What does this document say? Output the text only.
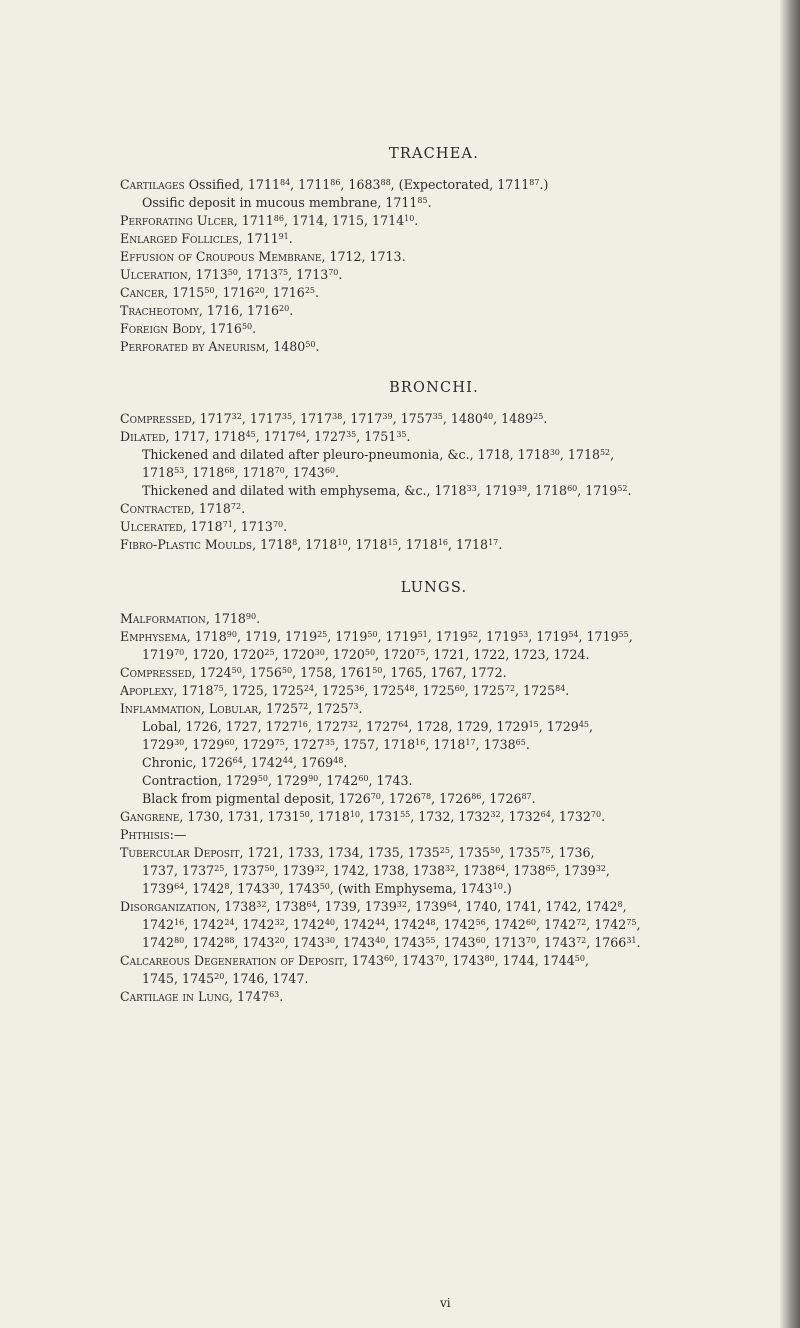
TRACHEA.
Cartilages Ossified, 1711$^{84}$, 1711$^{86}$, 1683$^{88}$, (Expectorated, 1711$^{87}$.)
Ossific deposit in mucous membrane, 1711$^{85}$.
Perforating Ulcer, 1711$^{86}$, 1714, 1715, 1714$^{10}$.
Enlarged Follicles, 1711$^{91}$.
Effusion of Croupous Membrane, 1712, 1713.
Ulceration, 1713$^{50}$, 1713$^{75}$, 1713$^{70}$.
Cancer, 1715$^{50}$, 1716$^{20}$, 1716$^{25}$.
Tracheotomy, 1716, 1716$^{20}$.
Foreign Body, 1716$^{50}$.
Perforated by Aneurism, 1480$^{50}$.
BRONCHI.
Compressed, 1717$^{32}$, 1717$^{35}$, 1717$^{38}$, 1717$^{39}$, 1757$^{35}$, 1480$^{40}$, 1489$^{25}$.
Dilated, 1717, 1718$^{45}$, 1717$^{64}$, 1727$^{35}$, 1751$^{35}$.
Thickened and dilated after pleuro-pneumonia, &c., 1718, 1718$^{30}$, 1718$^{52}$,
1718$^{53}$, 1718$^{68}$, 1718$^{70}$, 1743$^{60}$.
Thickened and dilated with emphysema, &c., 1718$^{33}$, 1719$^{39}$, 1718$^{60}$, 1719$^{52}$.
Contracted, 1718$^{72}$.
Ulcerated, 1718$^{71}$, 1713$^{70}$.
Fibro-Plastic Moulds, 1718$^8$, 1718$^{10}$, 1718$^{15}$, 1718$^{16}$, 1718$^{17}$.
LUNGS.
Malformation, 1718$^{90}$.
Emphysema, 1718$^{90}$, 1719, 1719$^{25}$, 1719$^{50}$, 1719$^{51}$, 1719$^{52}$, 1719$^{53}$, 1719$^{54}$, 1719$^{55}$,
1719$^{70}$, 1720, 1720$^{25}$, 1720$^{30}$, 1720$^{50}$, 1720$^{75}$, 1721, 1722, 1723, 1724.
Compressed, 1724$^{50}$, 1756$^{50}$, 1758, 1761$^{50}$, 1765, 1767, 1772.
Apoplexy, 1718$^{75}$, 1725, 1725$^{24}$, 1725$^{36}$, 1725$^{48}$, 1725$^{60}$, 1725$^{72}$, 1725$^{84}$.
Inflammation, Lobular, 1725$^{72}$, 1725$^{73}$.
Lobal, 1726, 1727, 1727$^{16}$, 1727$^{32}$, 1727$^{64}$, 1728, 1729, 1729$^{15}$, 1729$^{45}$,
1729$^{30}$, 1729$^{60}$, 1729$^{75}$, 1727$^{35}$, 1757, 1718$^{16}$, 1718$^{17}$, 1738$^{65}$.
Chronic, 1726$^{64}$, 1742$^{44}$, 1769$^{48}$.
Contraction, 1729$^{50}$, 1729$^{90}$, 1742$^{60}$, 1743.
Black from pigmental deposit, 1726$^{70}$, 1726$^{78}$, 1726$^{86}$, 1726$^{87}$.
Gangrene, 1730, 1731, 1731$^{50}$, 1718$^{10}$, 1731$^{55}$, 1732, 1732$^{32}$, 1732$^{64}$, 1732$^{70}$.
Phthisis:—
Tubercular Deposit, 1721, 1733, 1734, 1735, 1735$^{25}$, 1735$^{50}$, 1735$^{75}$, 1736,
1737, 1737$^{25}$, 1737$^{50}$, 1739$^{32}$, 1742, 1738, 1738$^{32}$, 1738$^{64}$, 1738$^{65}$, 1739$^{32}$,
1739$^{64}$, 1742$^8$, 1743$^{30}$, 1743$^{50}$, (with Emphysema, 1743$^{10}$.)
Disorganization, 1738$^{32}$, 1738$^{64}$, 1739, 1739$^{32}$, 1739$^{64}$, 1740, 1741, 1742, 1742$^8$,
1742$^{16}$, 1742$^{24}$, 1742$^{32}$, 1742$^{40}$, 1742$^{44}$, 1742$^{48}$, 1742$^{56}$, 1742$^{60}$, 1742$^{72}$, 1742$^{75}$,
1742$^{80}$, 1742$^{88}$, 1743$^{20}$, 1743$^{30}$, 1743$^{40}$, 1743$^{55}$, 1743$^{60}$, 1713$^{70}$, 1743$^{72}$, 1766$^{31}$.
Calcareous Degeneration of Deposit, 1743$^{60}$, 1743$^{70}$, 1743$^{80}$, 1744, 1744$^{50}$,
1745, 1745$^{20}$, 1746, 1747.
Cartilage in Lung, 1747$^{63}$.
vi
